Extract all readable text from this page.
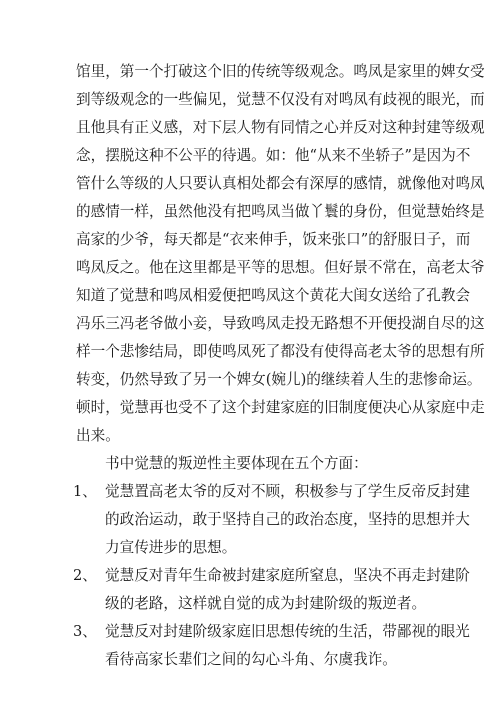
馆里，第一个打破这个旧的传统等级观念。鸣凤是家里的婢女受
到等级观念的一些偏见，觉慧不仅没有对鸣凤有歧视的眼光，而
且他具有正义感，对下层人物有同情之心并反对这种封建等级观
念，摆脱这种不公平的待遇。如：他“从来不坐轿子”是因为不
管什么等级的人只要认真相处都会有深厚的感情，就像他对鸣凤
的感情一样，虽然他没有把鸣凤当做丫鬟的身份，但觉慧始终是
高家的少爷，每天都是“衣来伸手，饭来张口”的舒服日子，而
鸣凤反之。他在这里都是平等的思想。但好景不常在，高老太爷
知道了觉慧和鸣凤相爱便把鸣凤这个黄花大闺女送给了孔教会
冯乐三冯老爷做小妾，导致鸣凤走投无路想不开便投湖自尽的这
样一个悲惨结局，即使鸣凤死了都没有使得高老太爷的思想有所
转变，仍然导致了另一个婢女(婉儿)的继续着人生的悲惨命运。
顿时，觉慧再也受不了这个封建家庭的旧制度便决心从家庭中走
出来。
书中觉慧的叛逆性主要体现在五个方面：
1、 觉慧置高老太爷的反对不顾，积极参与了学生反帝反封建
的政治运动，敢于坚持自己的政治态度，坚持的思想并大
力宣传进步的思想。
2、 觉慧反对青年生命被封建家庭所窒息，坚决不再走封建阶
级的老路，这样就自觉的成为封建阶级的叛逆者。
3、 觉慧反对封建阶级家庭旧思想传统的生活，带鄙视的眼光
看待高家长辈们之间的勾心斗角、尔虞我诈。
